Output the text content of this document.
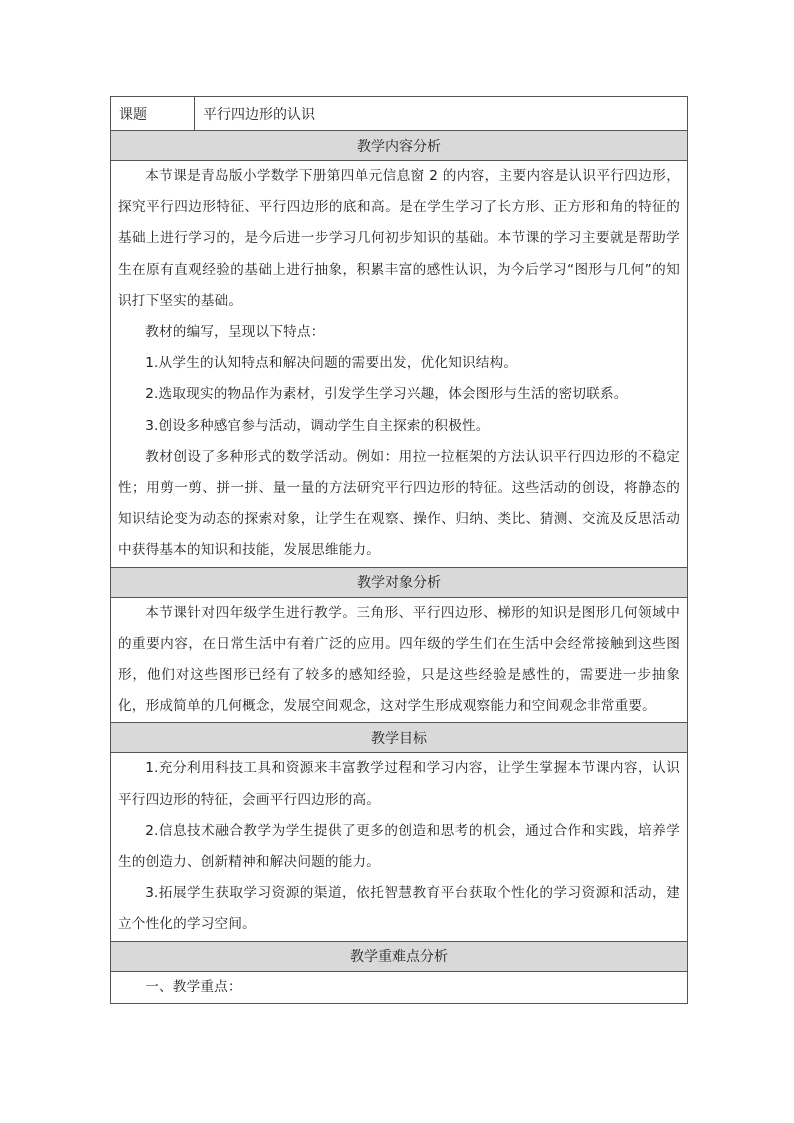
课题	平行四边形的认识
教学内容分析

本节课是青岛版小学数学下册第四单元信息窗 2 的内容，主要内容是认识平行四边形，探究平行四边形特征、平行四边形的底和高。是在学生学习了长方形、正方形和角的特征的基础上进行学习的，是今后进一步学习几何初步知识的基础。本节课的学习主要就是帮助学生在原有直观经验的基础上进行抽象，积累丰富的感性认识，为今后学习“图形与几何”的知识打下坚实的基础。

教材的编写，呈现以下特点：

1.从学生的认知特点和解决问题的需要出发，优化知识结构。

2.选取现实的物品作为素材，引发学生学习兴趣，体会图形与生活的密切联系。

3.创设多种感官参与活动，调动学生自主探索的积极性。

教材创设了多种形式的数学活动。例如：用拉一拉框架的方法认识平行四边形的不稳定性；用剪一剪、拼一拼、量一量的方法研究平行四边形的特征。这些活动的创设，将静态的知识结论变为动态的探索对象，让学生在观察、操作、归纳、类比、猜测、交流及反思活动中获得基本的知识和技能，发展思维能力。

教学对象分析

本节课针对四年级学生进行教学。三角形、平行四边形、梯形的知识是图形几何领域中的重要内容，在日常生活中有着广泛的应用。四年级的学生们在生活中会经常接触到这些图形，他们对这些图形已经有了较多的感知经验，只是这些经验是感性的，需要进一步抽象化，形成简单的几何概念，发展空间观念，这对学生形成观察能力和空间观念非常重要。

教学目标

1.充分利用科技工具和资源来丰富教学过程和学习内容，让学生掌握本节课内容，认识平行四边形的特征，会画平行四边形的高。

2.信息技术融合教学为学生提供了更多的创造和思考的机会，通过合作和实践，培养学生的创造力、创新精神和解决问题的能力。

3.拓展学生获取学习资源的渠道，依托智慧教育平台获取个性化的学习资源和活动，建立个性化的学习空间。

教学重难点分析

一、教学重点：
